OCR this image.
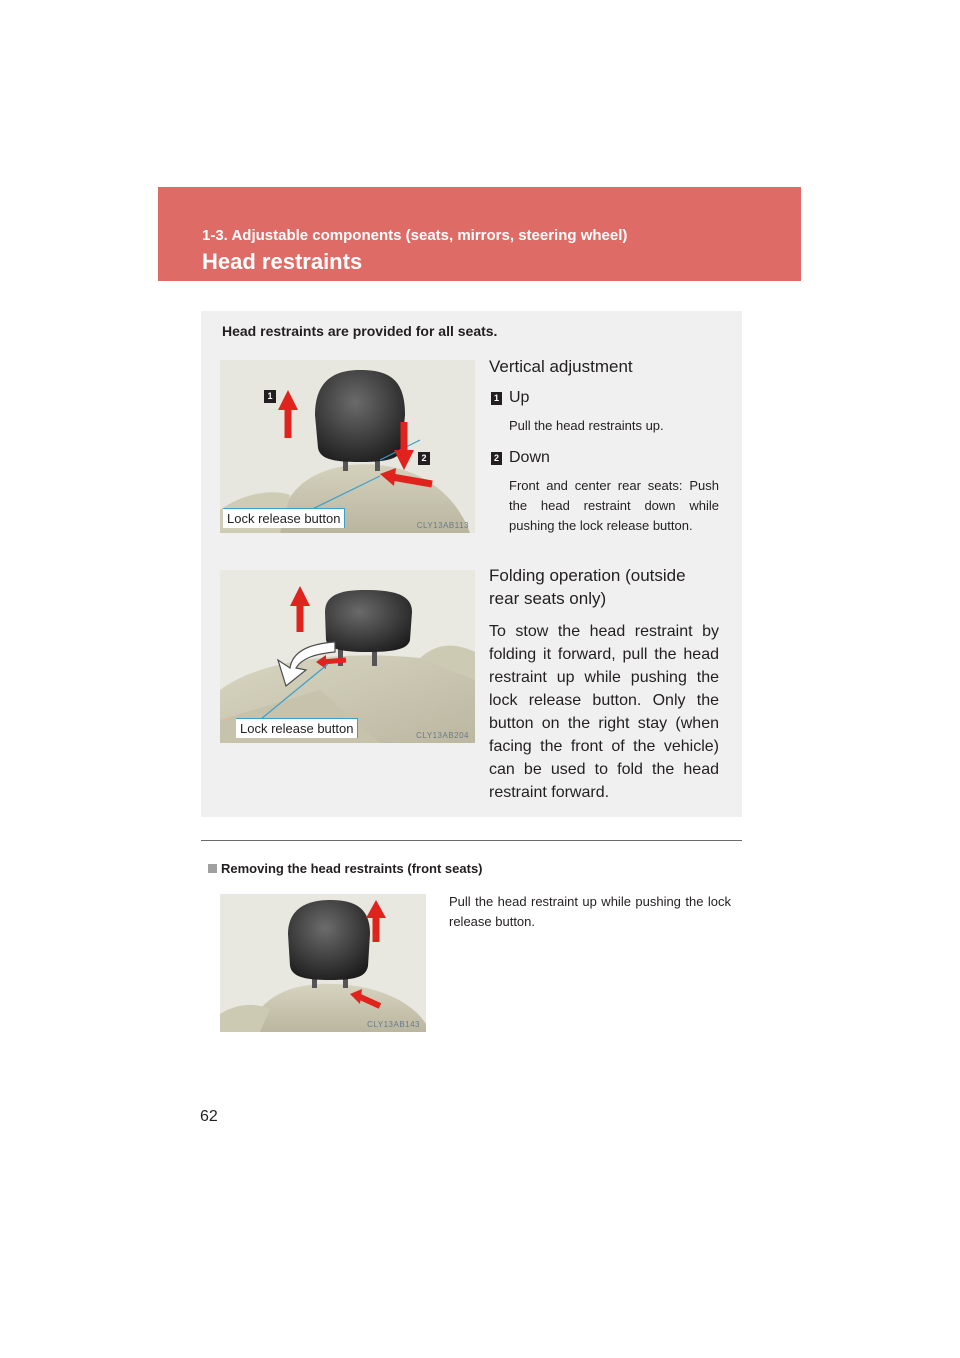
1-3. Adjustable components (seats, mirrors, steering wheel)
Head restraints
Head restraints are provided for all seats.
1
2
Lock release button	CLY13AB113
Lock release button	CLY13AB204
Vertical adjustment
1 Up
Pull the head restraints up.
2 Down
Front and center rear seats: Push the head restraint down while pushing the lock release button.
Folding operation (outside rear seats only)
To stow the head restraint by folding it forward, pull the head restraint up while pushing the lock release button. Only the button on the right stay (when facing the front of the vehicle) can be used to fold the head restraint forward.
Removing the head restraints (front seats)
CLY13AB143
Pull the head restraint up while pushing the lock release button.
62
